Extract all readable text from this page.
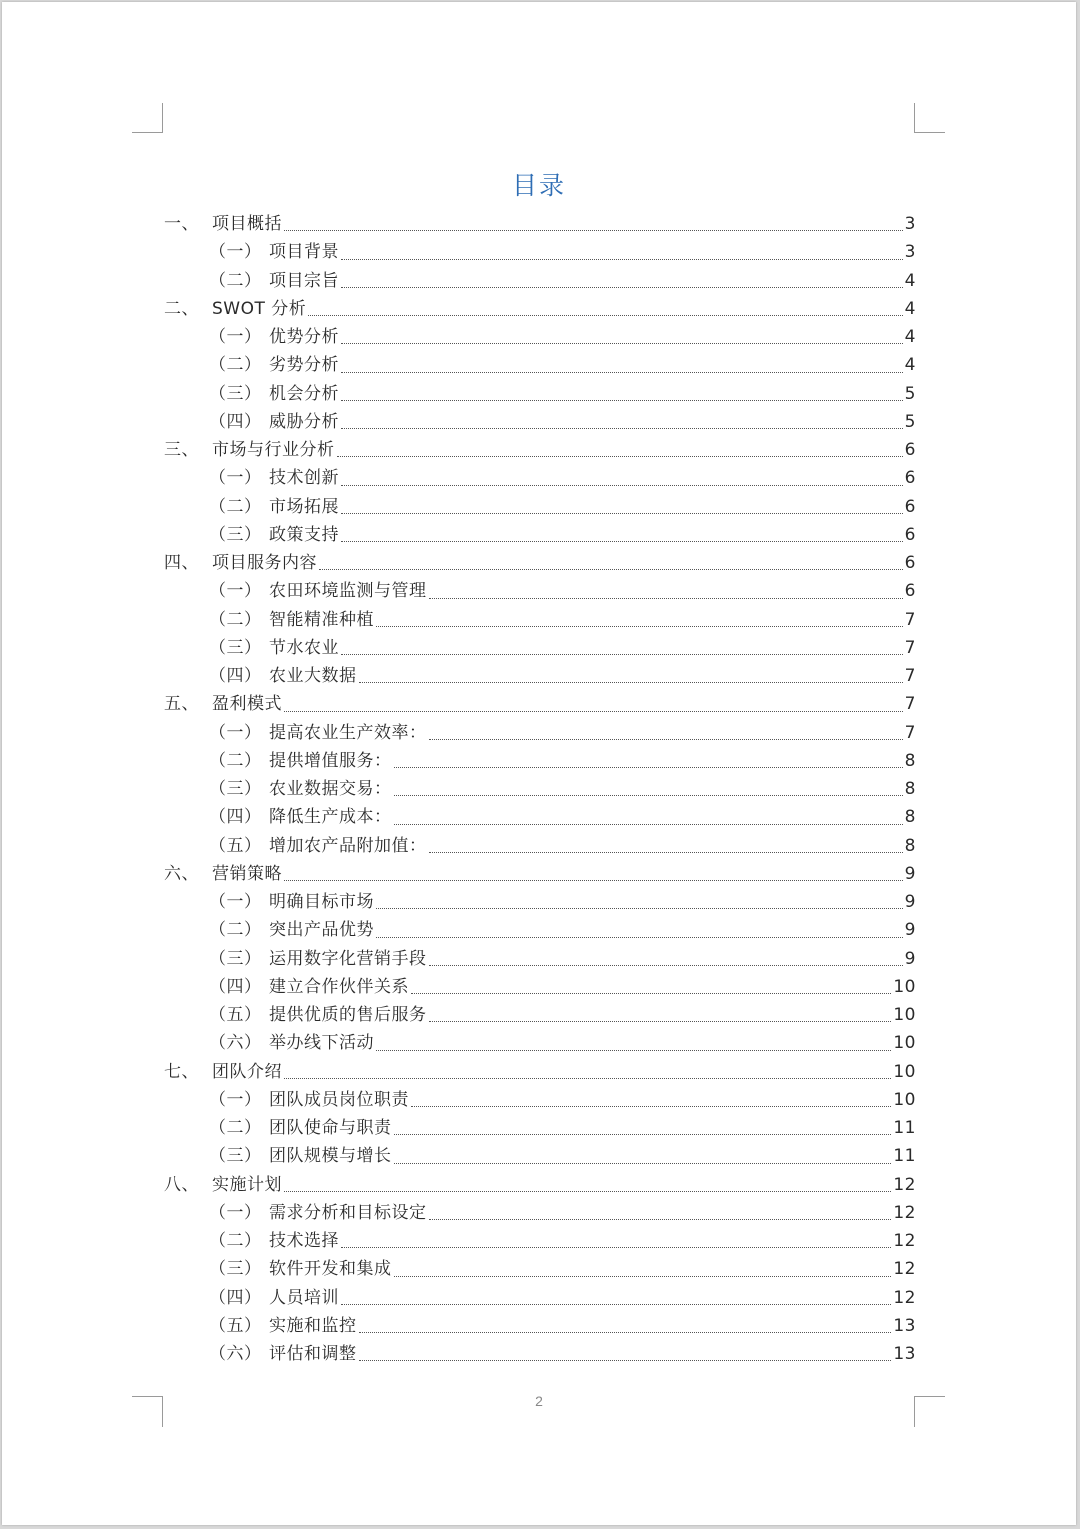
目录
一、 项目概括	3
（一） 项目背景	3
（二） 项目宗旨	4
二、 SWOT 分析	4
（一） 优势分析	4
（二） 劣势分析	4
（三） 机会分析	5
（四） 威胁分析	5
三、 市场与行业分析	6
（一） 技术创新	6
（二） 市场拓展	6
（三） 政策支持	6
四、 项目服务内容	6
（一） 农田环境监测与管理	6
（二） 智能精准种植	7
（三） 节水农业	7
（四） 农业大数据	7
五、 盈利模式	7
（一） 提高农业生产效率：	7
（二） 提供增值服务：	8
（三） 农业数据交易：	8
（四） 降低生产成本：	8
（五） 增加农产品附加值：	8
六、 营销策略	9
（一） 明确目标市场	9
（二） 突出产品优势	9
（三） 运用数字化营销手段	9
（四） 建立合作伙伴关系	10
（五） 提供优质的售后服务	10
（六） 举办线下活动	10
七、 团队介绍	10
（一） 团队成员岗位职责	10
（二） 团队使命与职责	11
（三） 团队规模与增长	11
八、 实施计划	12
（一） 需求分析和目标设定	12
（二） 技术选择	12
（三） 软件开发和集成	12
（四） 人员培训	12
（五） 实施和监控	13
（六） 评估和调整	13
2
